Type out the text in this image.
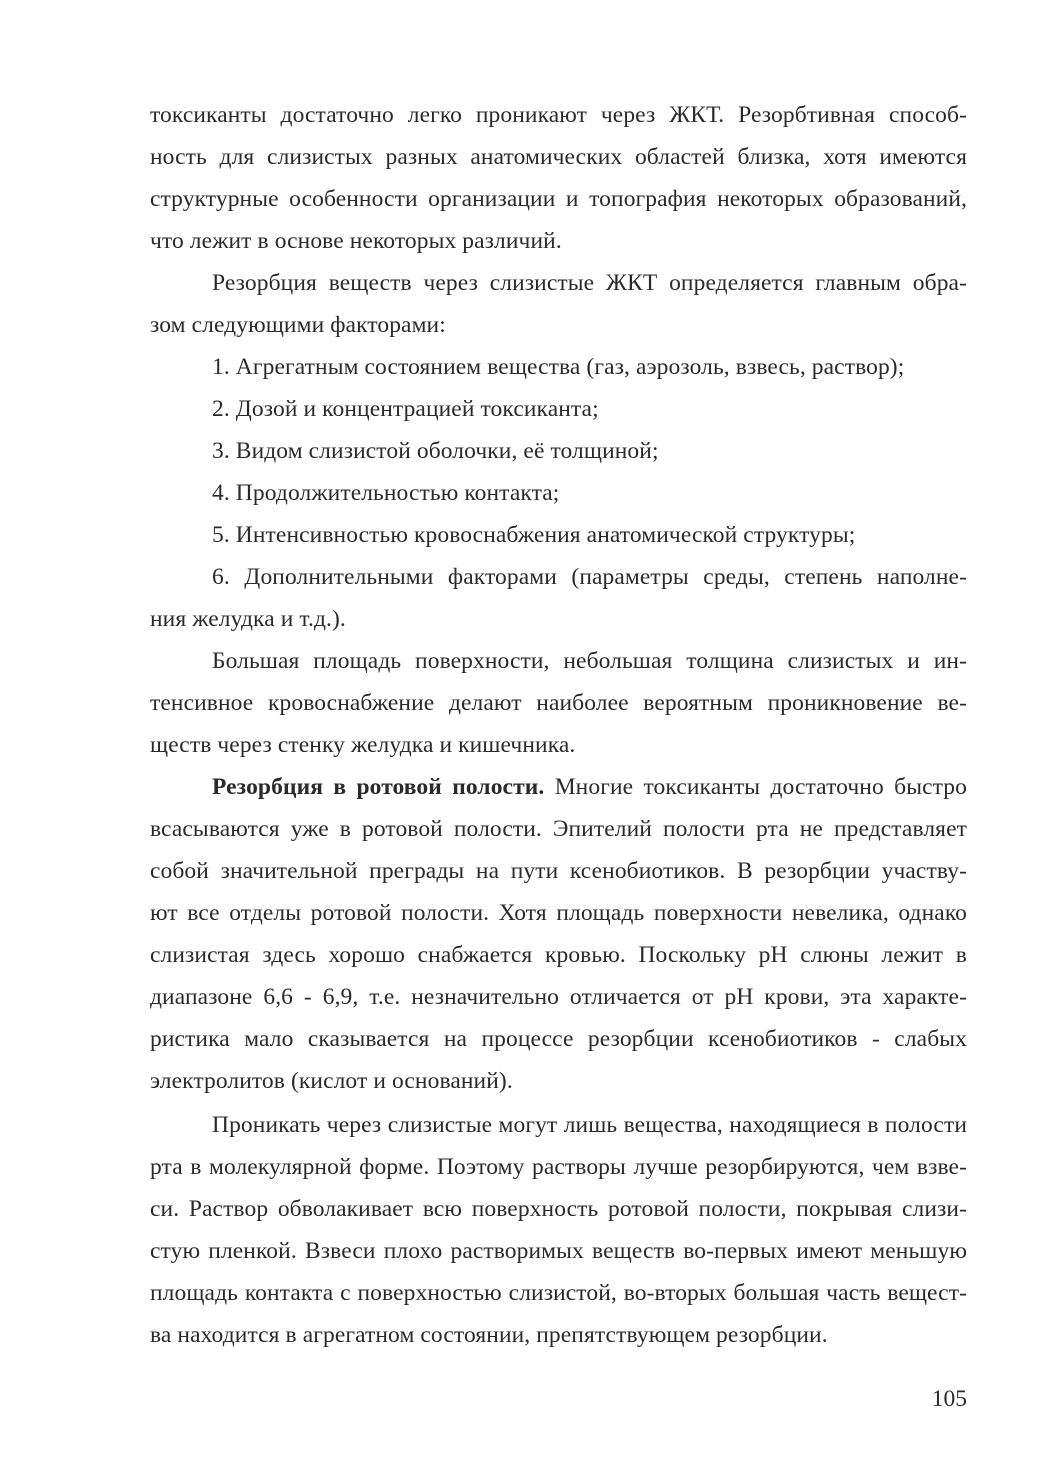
токсиканты достаточно легко проникают через ЖКТ. Резорбтивная способ-
ность для слизистых разных анатомических областей близка, хотя имеются
структурные особенности организации и топография некоторых образований,
что лежит в основе некоторых различий.
Резорбция веществ через слизистые ЖКТ определяется главным обра-
зом следующими факторами:
1. Агрегатным состоянием вещества (газ, аэрозоль, взвесь, раствор);
2. Дозой и концентрацией токсиканта;
3. Видом слизистой оболочки, её толщиной;
4. Продолжительностью контакта;
5. Интенсивностью кровоснабжения анатомической структуры;
6. Дополнительными факторами (параметры среды, степень наполне-
ния желудка и т.д.).
Большая площадь поверхности, небольшая толщина слизистых и ин-
тенсивное кровоснабжение делают наиболее вероятным проникновение ве-
ществ через стенку желудка и кишечника.
Резорбция в ротовой полости. Многие токсиканты достаточно быстро
всасываются уже в ротовой полости. Эпителий полости рта не представляет
собой значительной преграды на пути ксенобиотиков. В резорбции участву-
ют все отделы ротовой полости. Хотя площадь поверхности невелика, однако
слизистая здесь хорошо снабжается кровью. Поскольку рН слюны лежит в
диапазоне 6,6 - 6,9, т.е. незначительно отличается от рН крови, эта характе-
ристика мало сказывается на процессе резорбции ксенобиотиков - слабых
электролитов (кислот и оснований).
Проникать через слизистые могут лишь вещества, находящиеся в полости
рта в молекулярной форме. Поэтому растворы лучше резорбируются, чем взве-
си. Раствор обволакивает всю поверхность ротовой полости, покрывая слизи-
стую пленкой. Взвеси плохо растворимых веществ во-первых имеют меньшую
площадь контакта с поверхностью слизистой, во-вторых большая часть вещест-
ва находится в агрегатном состоянии, препятствующем резорбции.
105
